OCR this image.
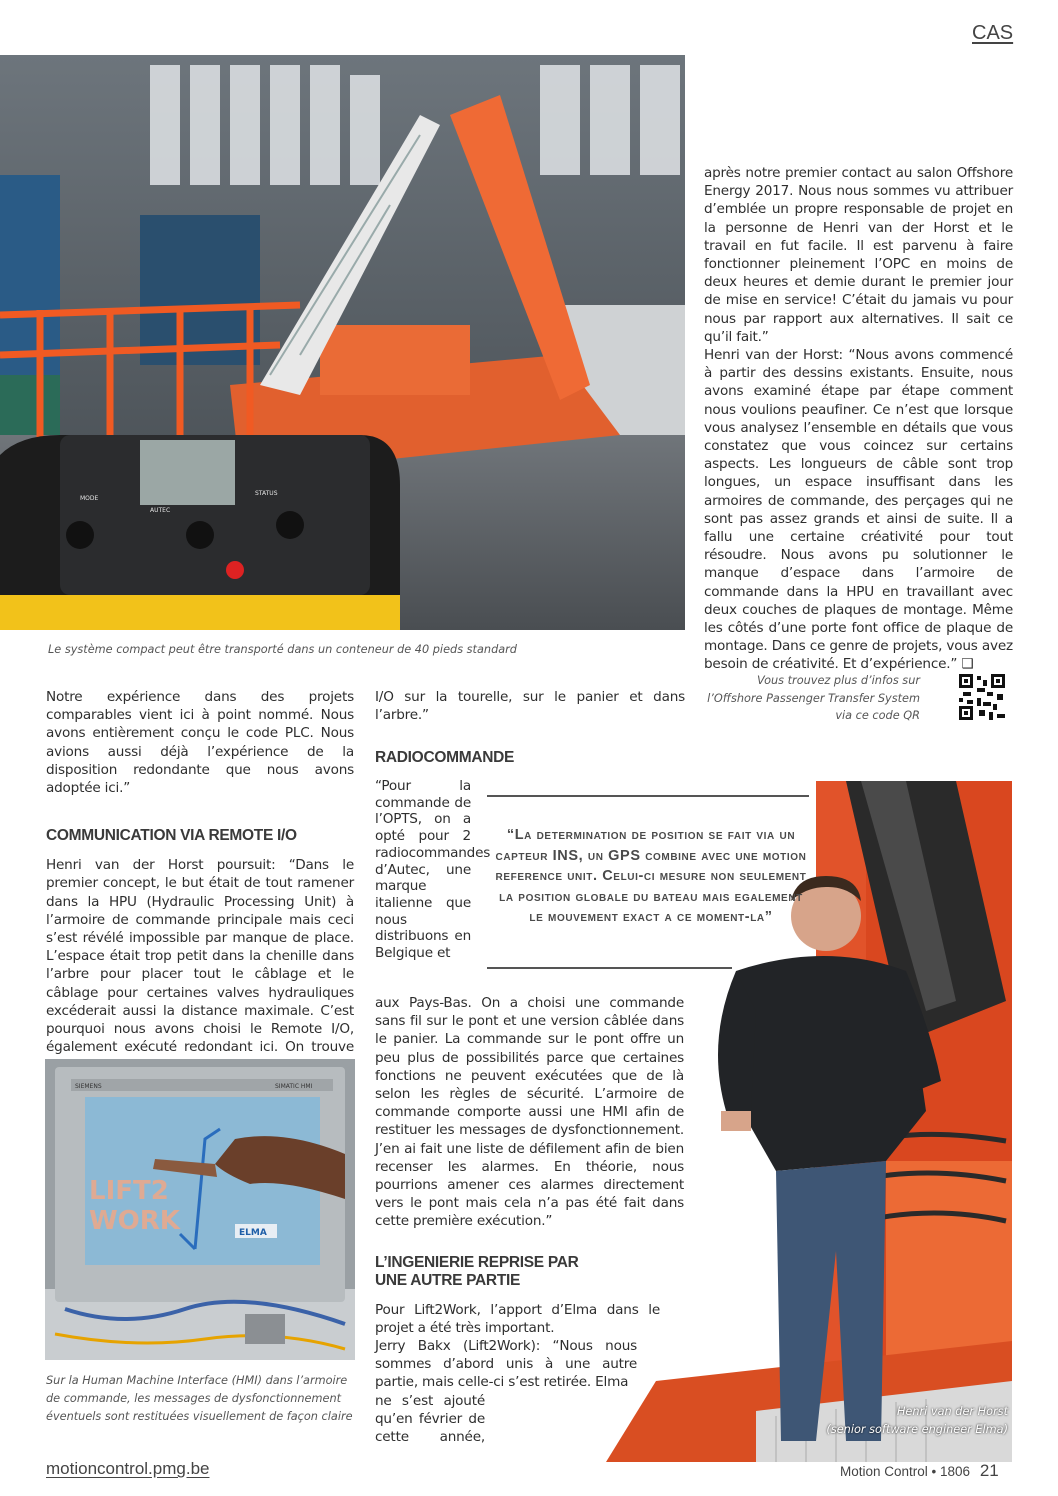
CAS
AUTEC
STATUS
MODE
Le système compact peut être transporté dans un conteneur de 40 pieds standard

après notre premier contact au salon Offshore Energy 2017. Nous nous sommes vu attribuer d’emblée un propre responsable de projet en la personne de Henri van der Horst et le travail en fut facile. Il est parvenu à faire fonctionner pleinement l’OPC en moins de deux heures et demie durant le premier jour de mise en service! C’était du jamais vu pour nous par rapport aux alternatives. Il sait ce qu’il fait.”

Henri van der Horst: “Nous avons commencé à partir des dessins existants. Ensuite, nous avons examiné étape par étape comment nous voulions peaufiner. Ce n’est que lorsque vous analysez l’ensemble en détails que vous constatez que vous coincez sur certains aspects. Les longueurs de câble sont trop longues, un espace insuffisant dans les armoires de commande, des perçages qui ne sont pas assez grands et ainsi de suite. Il a fallu une certaine créativité pour tout résoudre. Nous avons pu solutionner le manque d’espace dans l’armoire de commande dans la HPU en travaillant avec deux couches de plaques de montage. Même les côtés d’une porte font office de plaque de montage. Dans ce genre de projets, vous avez besoin de créativité. Et d’expérience.” ❑

Vous trouvez plus d’infos sur l’Offshore Passenger Transfer System via ce code QR

Notre expérience dans des projets comparables vient ici à point nommé. Nous avons entièrement conçu le code PLC. Nous avions aussi déjà l’expérience de la disposition redondante que nous avons adoptée ici.”

COMMUNICATION VIA REMOTE I/O

Henri van der Horst poursuit: “Dans le premier concept, le but était de tout ramener dans la HPU (Hydraulic Processing Unit) à l’armoire de commande principale mais ceci s’est révélé impossible par manque de place. L’espace était trop petit dans la chenille dans l’arbre pour placer tout le câblage et le câblage pour certaines valves hydrauliques excéderait aussi la distance maximale. C’est pourquoi nous avons choisi le Remote I/O, également exécuté redondant ici. On trouve

LIFT2
WORK	ELMA
SIEMENS	SIMATIC HMI
Sur la Human Machine Interface (HMI) dans l’armoire de commande, les messages de dysfonctionnement éventuels sont restituées visuellement de façon claire
I/O sur la tourelle, sur le panier et dans l’arbre.”
RADIOCOMMANDE
“Pour la commande de l’OPTS, on a opté pour 2 radiocommandes d’Autec, une marque italienne que nous distribuons en Belgique et
aux Pays-Bas. On a choisi une commande sans fil sur le pont et une version câblée dans le panier. La commande sur le pont offre un peu plus de possibilités parce que certaines fonctions ne peuvent exécutées que de là selon les règles de sécurité. L’armoire de commande comporte aussi une HMI afin de restituer les messages de dysfonctionnement. J’en ai fait une liste de défilement afin de bien recenser les alarmes. En théorie, nous pourrions amener ces alarmes directement vers le pont mais cela n’a pas été fait dans cette première exécution.”
L’INGENIERIE REPRISE PAR UNE AUTRE PARTIE
Pour Lift2Work, l’apport d’Elma dans le projet a été très important.
Jerry Bakx (Lift2Work): “Nous nous sommes d’abord unis à une autre partie, mais celle-ci s’est retirée. Elma
ne s’est ajouté qu’en février de cette année,
“La determination de position se fait via un capteur INS, un GPS combine avec une motion reference unit. Celui-ci mesure non seulement la position globale du bateau mais egalement le mouvement exact a ce moment-la”
Henri van der Horst
(senior software engineer Elma)
motioncontrol.pmg.be	Motion Control • 1806 21
